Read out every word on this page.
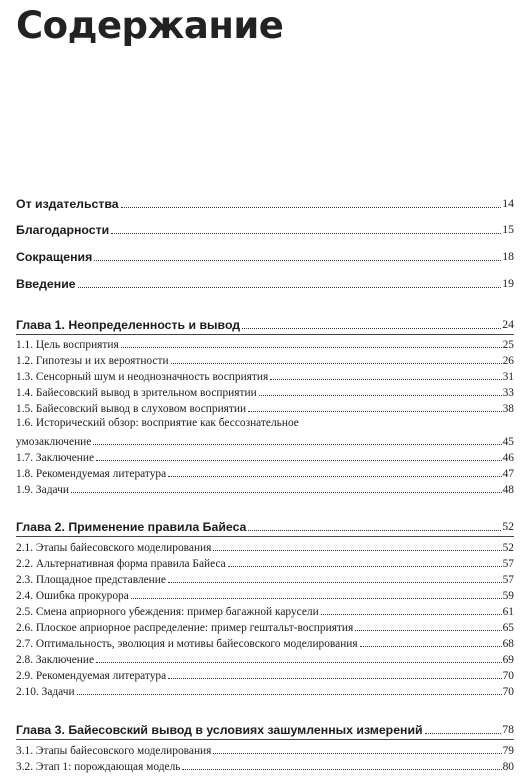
Содержание
От издательства	14
Благодарности	15
Сокращения	18
Введение	19
Глава 1. Неопределенность и вывод	24
1.1. Цель восприятия	25
1.2. Гипотезы и их вероятности	26
1.3. Сенсорный шум и неоднозначность восприятия	31
1.4. Байесовский вывод в зрительном восприятии	33
1.5. Байесовский вывод в слуховом восприятии	38
1.6. Исторический обзор: восприятие как бессознательное
умозаключение	45
1.7. Заключение	46
1.8. Рекомендуемая литература	47
1.9. Задачи	48
Глава 2. Применение правила Байеса	52
2.1. Этапы байесовского моделирования	52
2.2. Альтернативная форма правила Байеса	57
2.3. Площадное представление	57
2.4. Ошибка прокурора	59
2.5. Смена априорного убеждения: пример багажной карусели	61
2.6. Плоское априорное распределение: пример гештальт-восприятия	65
2.7. Оптимальность, эволюция и мотивы байесовского моделирования	68
2.8. Заключение	69
2.9. Рекомендуемая литература	70
2.10. Задачи	70
Глава 3. Байесовский вывод в условиях зашумленных измерений	78
3.1. Этапы байесовского моделирования	79
3.2. Этап 1: порождающая модель	80
